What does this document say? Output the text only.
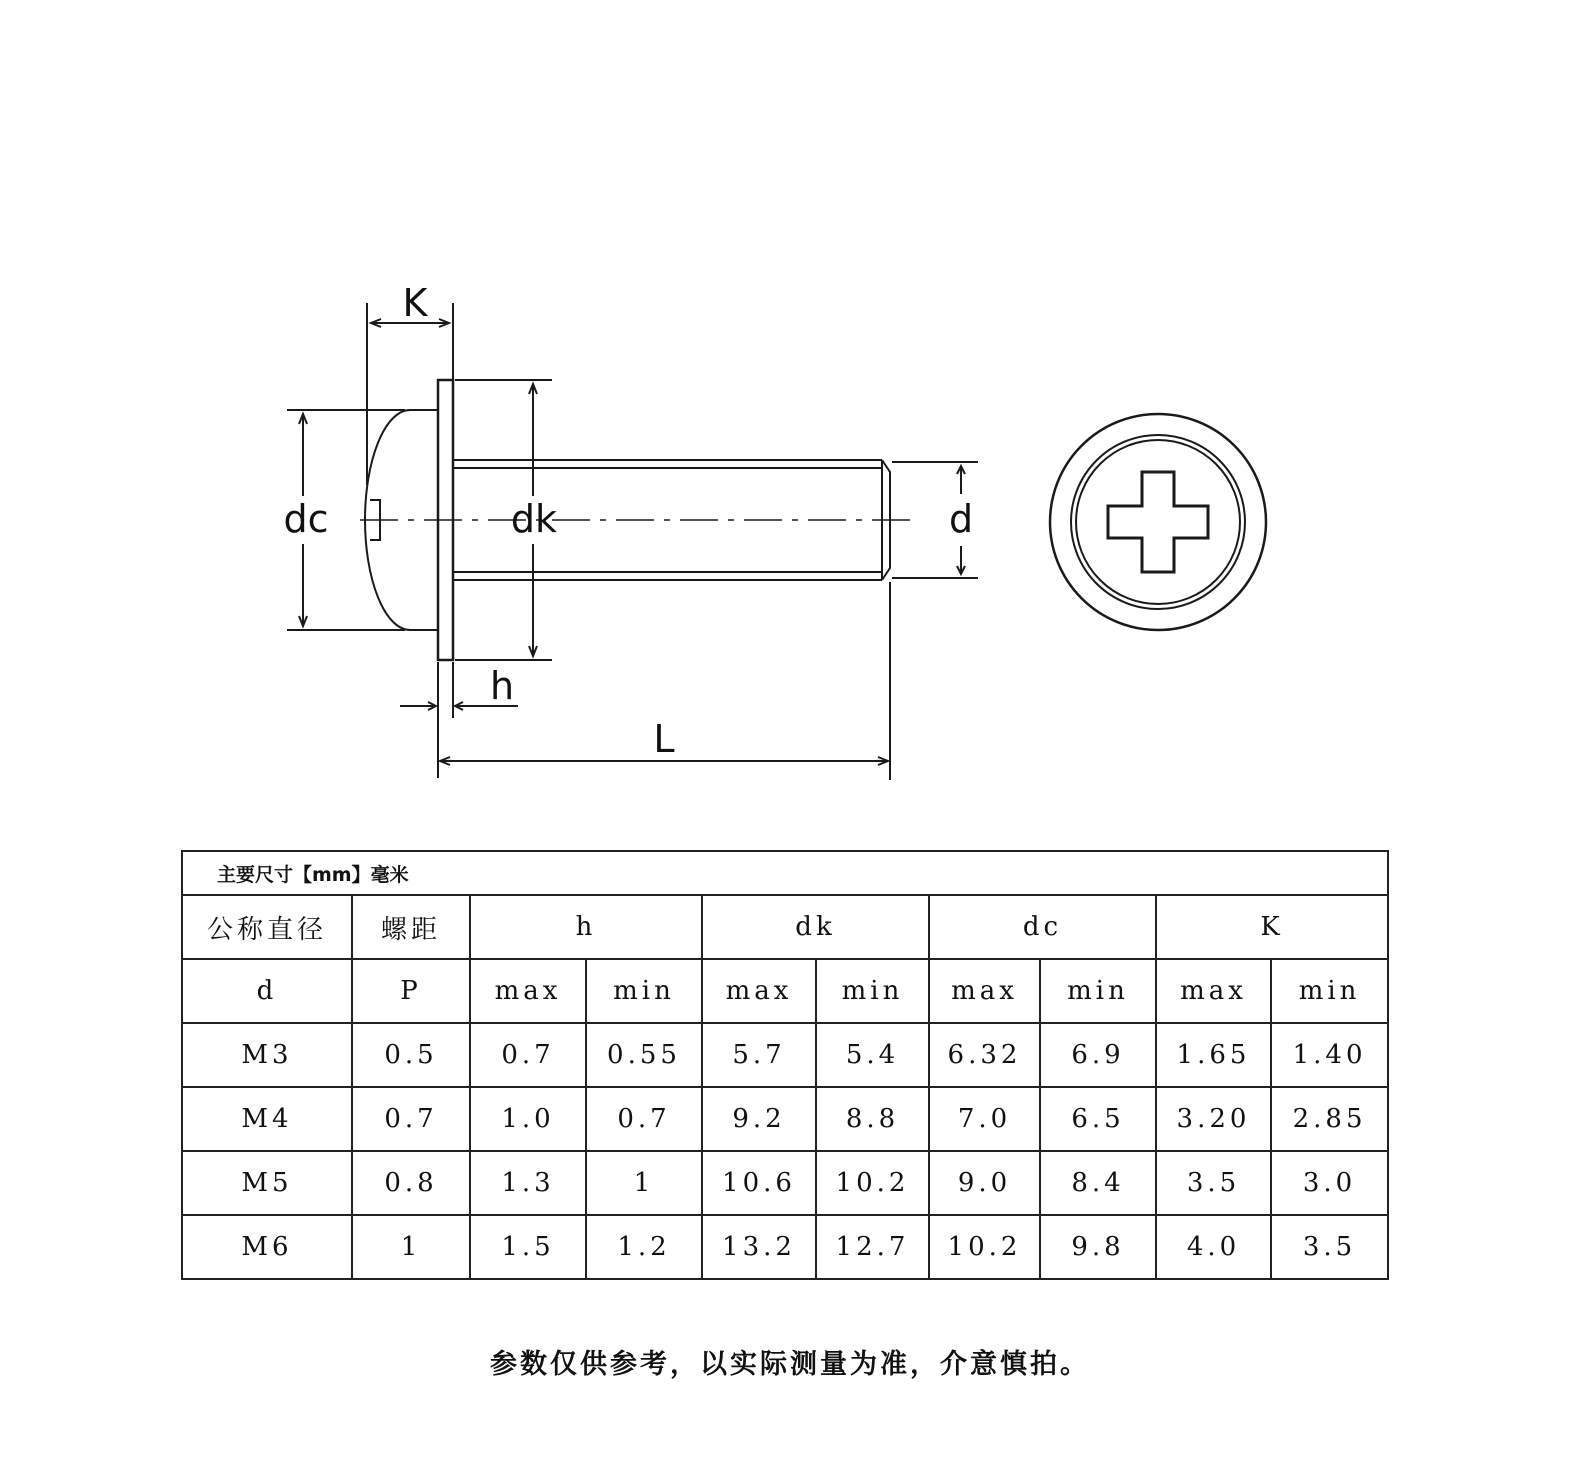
K
dc	dk	d
h
L
主要尺寸【mm】毫米									
公称直径	螺距	h		dk		dc		K	
d	P	max	min	max	min	max	min	max	min
M3	0.5	0.7	0.55	5.7	5.4	6.32	6.9	1.65	1.40
M4	0.7	1.0	0.7	9.2	8.8	7.0	6.5	3.20	2.85
M5	0.8	1.3	1	10.6	10.2	9.0	8.4	3.5	3.0
M6	1	1.5	1.2	13.2	12.7	10.2	9.8	4.0	3.5
参数仅供参考，以实际测量为准，介意慎拍。
